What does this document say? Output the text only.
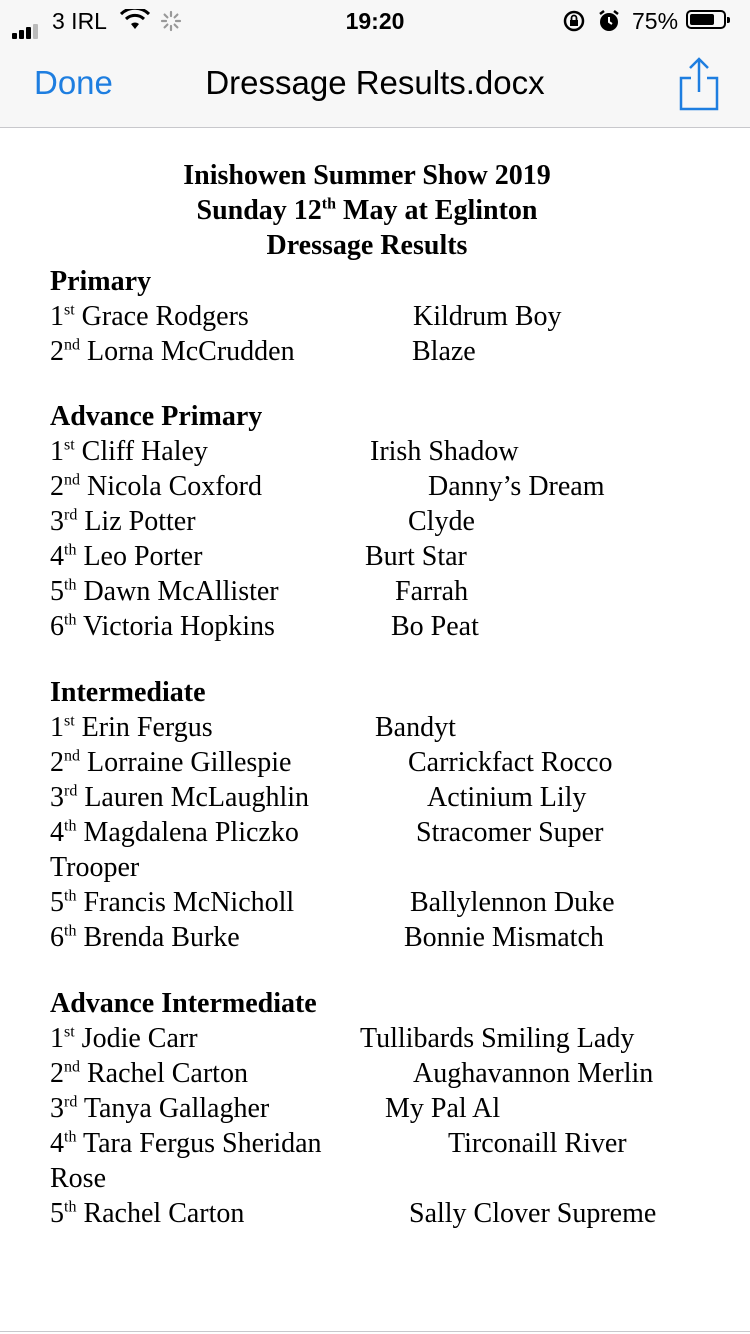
3 IRL	19:20	75%
Done	Dressage Results.docx
Inishowen Summer Show 2019
Sunday 12th May at Eglinton
Dressage Results
Primary
1st Grace Rodgers	Kildrum Boy
2nd Lorna McCrudden	Blaze
Advance Primary
1st Cliff Haley	Irish Shadow
2nd Nicola Coxford	Danny’s Dream
3rd Liz Potter	Clyde
4th Leo Porter	Burt Star
5th Dawn McAllister	Farrah
6th Victoria Hopkins	Bo Peat
Intermediate
1st Erin Fergus	Bandyt
2nd Lorraine Gillespie	Carrickfact Rocco
3rd Lauren McLaughlin	Actinium Lily
4th Magdalena Pliczko	Stracomer Super
Trooper
5th Francis McNicholl	Ballylennon Duke
6th Brenda Burke	Bonnie Mismatch
Advance Intermediate
1st Jodie Carr	Tullibards Smiling Lady
2nd Rachel Carton	Aughavannon Merlin
3rd Tanya Gallagher	My Pal Al
4th Tara Fergus Sheridan	Tirconaill River
Rose
5th Rachel Carton	Sally Clover Supreme
